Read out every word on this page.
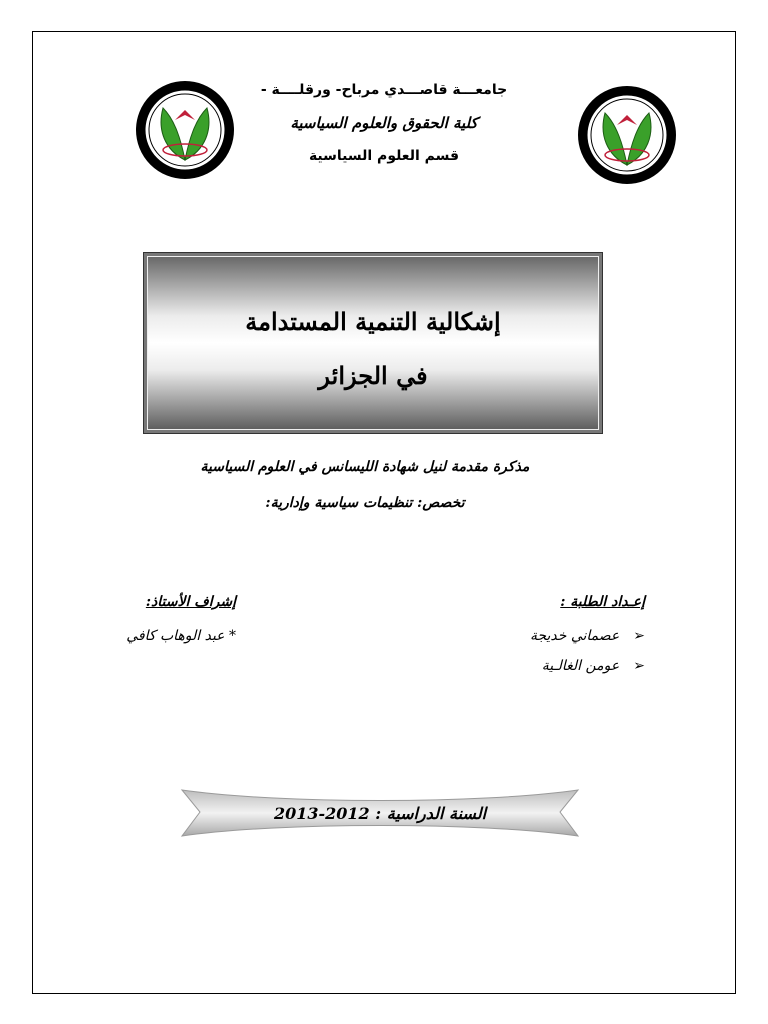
جامعـــة قاصـــدي مرباح- ورقلــــة -
كلية الحقوق والعلوم السياسية
قسم العلوم السياسية
إشكالية التنمية المستدامة
في الجزائر
مذكرة مقدمة لنيل شهادة الليسانس في العلوم السياسية
تخصص: تنظيمات سياسية وإدارية:
إعـداد الطلبة :
➢
عصماني خديجة
➢
عومن الغالـية
إشراف الأستاذ:
* عبد الوهاب كافي
السنة الدراسية : 2012-2013
